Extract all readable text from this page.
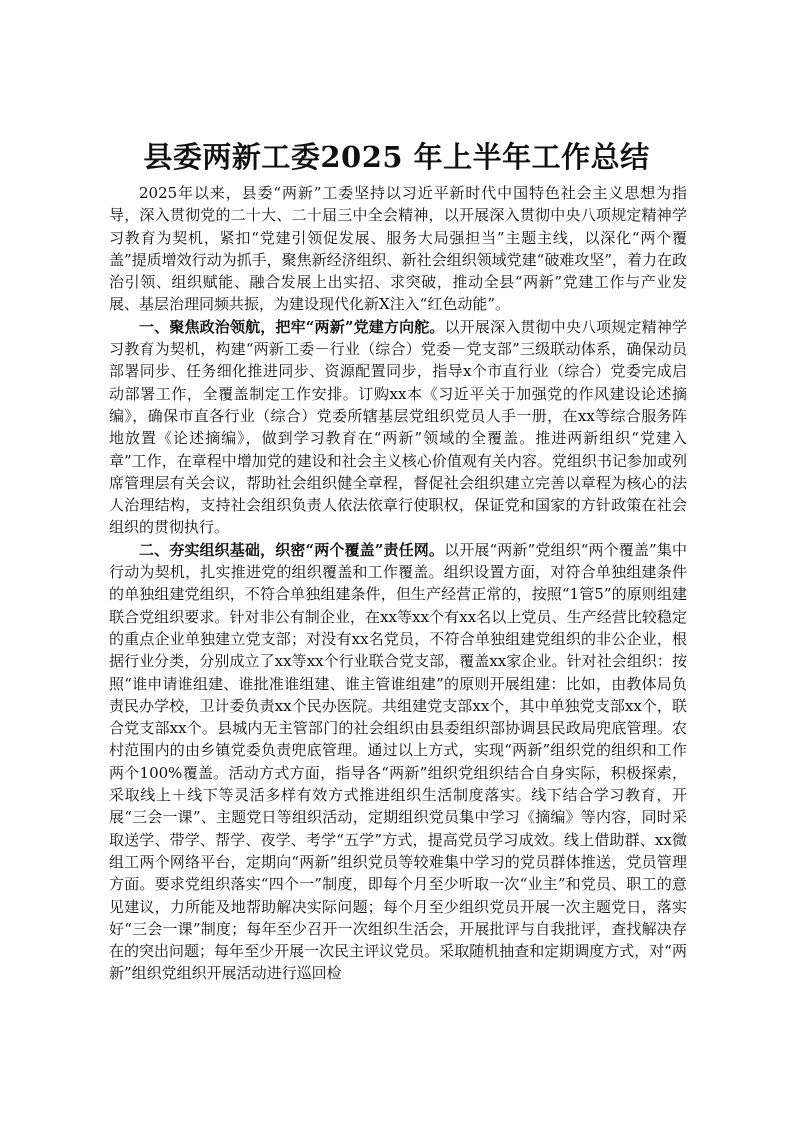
县委两新工委2025 年上半年工作总结

2025年以来，县委“两新”工委坚持以习近平新时代中国特色社会主义思想为指导，深入贯彻党的二十大、二十届三中全会精神，以开展深入贯彻中央八项规定精神学习教育为契机，紧扣“党建引领促发展、服务大局强担当”主题主线，以深化“两个覆盖”提质增效行动为抓手，聚焦新经济组织、新社会组织领域党建“破难攻坚”，着力在政治引领、组织赋能、融合发展上出实招、求突破，推动全县“两新”党建工作与产业发展、基层治理同频共振，为建设现代化新X注入“红色动能”。

一、聚焦政治领航，把牢“两新”党建方向舵。以开展深入贯彻中央八项规定精神学习教育为契机，构建“两新工委－行业（综合）党委－党支部”三级联动体系，确保动员部署同步、任务细化推进同步、资源配置同步，指导x个市直行业（综合）党委完成启动部署工作，全覆盖制定工作安排。订购xx本《习近平关于加强党的作风建设论述摘编》，确保市直各行业（综合）党委所辖基层党组织党员人手一册，在xx等综合服务阵地放置《论述摘编》，做到学习教育在“两新”领域的全覆盖。推进两新组织“党建入章”工作，在章程中增加党的建设和社会主义核心价值观有关内容。党组织书记参加或列席管理层有关会议，帮助社会组织健全章程，督促社会组织建立完善以章程为核心的法人治理结构，支持社会组织负责人依法依章行使职权，保证党和国家的方针政策在社会组织的贯彻执行。

二、夯实组织基础，织密“两个覆盖”责任网。以开展“两新”党组织“两个覆盖”集中行动为契机，扎实推进党的组织覆盖和工作覆盖。组织设置方面，对符合单独组建条件的单独组建党组织，不符合单独组建条件，但生产经营正常的，按照“1管5”的原则组建联合党组织要求。针对非公有制企业，在xx等xx个有xx名以上党员、生产经营比较稳定的重点企业单独建立党支部；对没有xx名党员，不符合单独组建党组织的非公企业，根据行业分类，分别成立了xx等xx个行业联合党支部，覆盖xx家企业。针对社会组织：按照“谁申请谁组建、谁批准谁组建、谁主管谁组建”的原则开展组建：比如，由教体局负责民办学校，卫计委负责xx个民办医院。共组建党支部xx个，其中单独党支部xx个，联合党支部xx个。县城内无主管部门的社会组织由县委组织部协调县民政局兜底管理。农村范围内的由乡镇党委负责兜底管理。通过以上方式，实现“两新”组织党的组织和工作两个100%覆盖。活动方式方面，指导各“两新”组织党组织结合自身实际，积极探索，采取线上＋线下等灵活多样有效方式推进组织生活制度落实。线下结合学习教育，开展“三会一课”、主题党日等组织活动，定期组织党员集中学习《摘编》等内容，同时采取送学、带学、帮学、夜学、考学“五学”方式，提高党员学习成效。线上借助群、xx微组工两个网络平台，定期向“两新”组织党员等较难集中学习的党员群体推送，党员管理方面。要求党组织落实“四个一”制度，即每个月至少听取一次“业主”和党员、职工的意见建议，力所能及地帮助解决实际问题；每个月至少组织党员开展一次主题党日，落实好“三会一课”制度；每年至少召开一次组织生活会，开展批评与自我批评，查找解决存在的突出问题；每年至少开展一次民主评议党员。采取随机抽查和定期调度方式，对“两新”组织党组织开展活动进行巡回检
